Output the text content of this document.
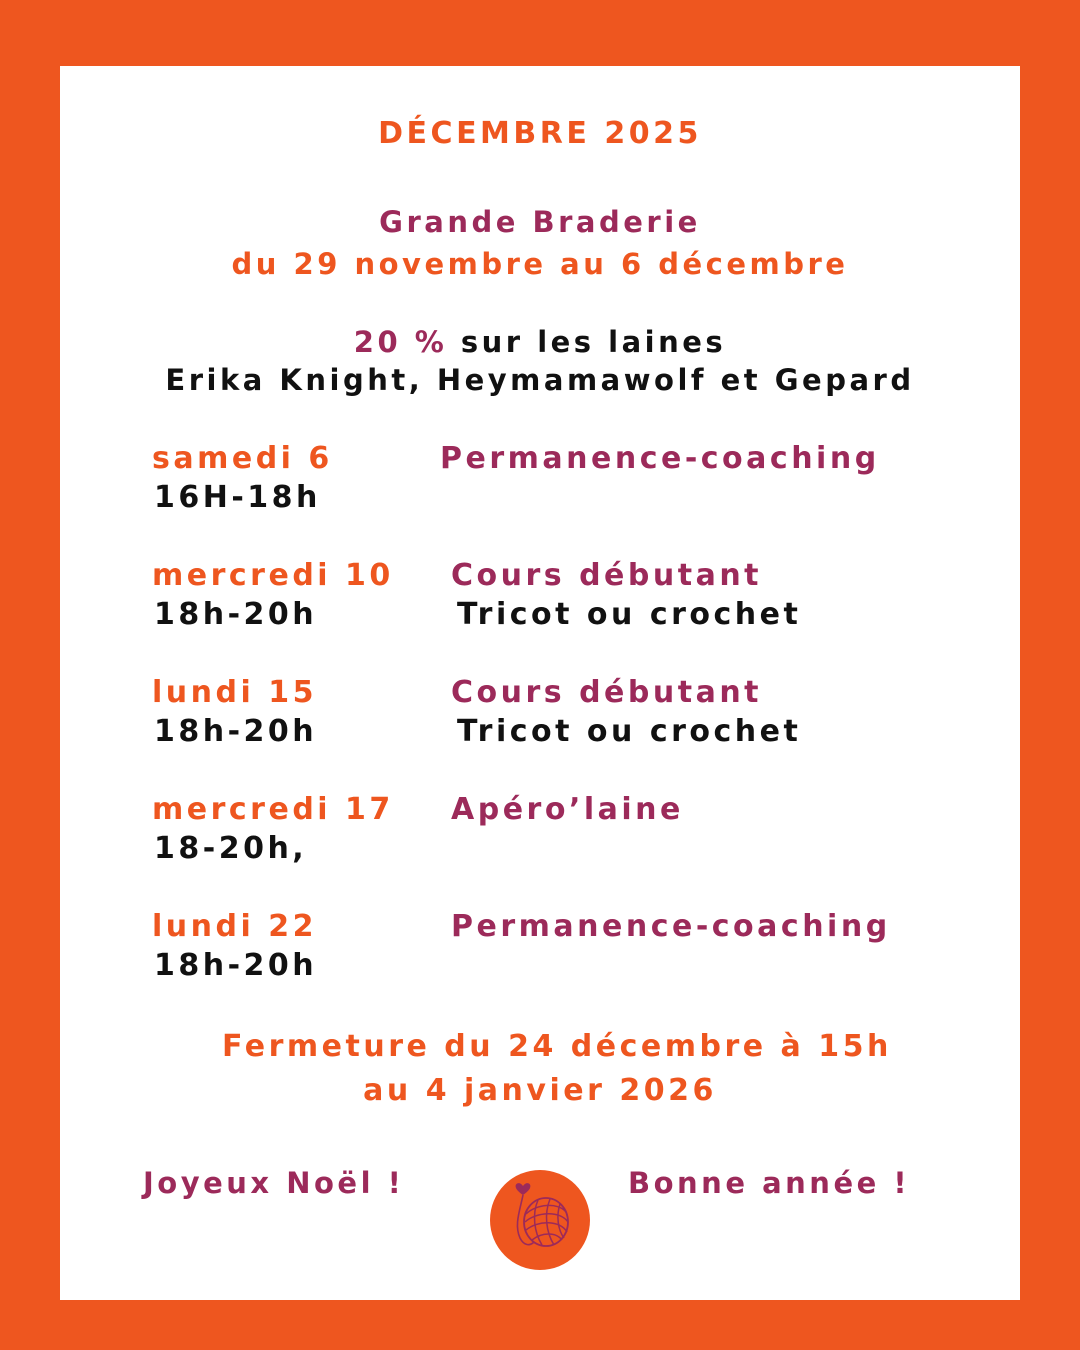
DÉCEMBRE 2025
Grande Braderie
du 29 novembre au 6 décembre
20 % sur les laines
Erika Knight, Heymamawolf et Gepard
samedi 6	Permanence-coaching
16H-18h
mercredi 10 Cours débutant
18h-20h	Tricot ou crochet
lundi 15	Cours débutant
18h-20h	Tricot ou crochet
mercredi 17 Apéro’laine
18-20h,
lundi 22	Permanence-coaching
18h-20h
Fermeture du 24 décembre à 15h
au 4 janvier 2026
Joyeux Noël !	Bonne année !
